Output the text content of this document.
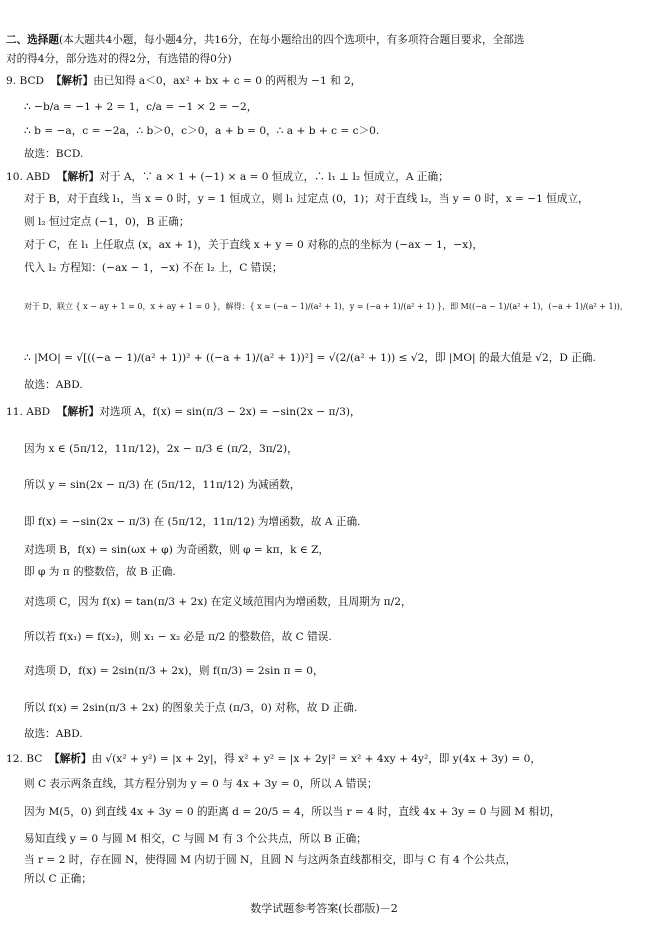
二、选择题(本大题共4小题，每小题4分，共16分，在每小题给出的四个选项中，有多项符合题目要求，全部选
对的得4分，部分选对的得2分，有选错的得0分)
9. BCD 【解析】由已知得 a＜0，ax² + bx + c = 0 的两根为 −1 和 2，
∴ −b/a = −1 + 2 = 1，c/a = −1 × 2 = −2，
∴ b = −a，c = −2a，∴ b＞0，c＞0，a + b = 0，∴ a + b + c = c＞0.
故选：BCD.
10. ABD 【解析】对于 A，∵ a × 1 + (−1) × a = 0 恒成立，∴ l₁ ⊥ l₂ 恒成立，A 正确；
对于 B，对于直线 l₁，当 x = 0 时，y = 1 恒成立，则 l₁ 过定点 (0，1)；对于直线 l₂，当 y = 0 时，x = −1 恒成立，
则 l₂ 恒过定点 (−1，0)，B 正确；
对于 C，在 l₁ 上任取点 (x，ax + 1)，关于直线 x + y = 0 对称的点的坐标为 (−ax − 1，−x)，
代入 l₂ 方程知：(−ax − 1，−x) 不在 l₂ 上，C 错误；
对于 D，联立 { x − ay + 1 = 0，x + ay + 1 = 0 }，解得：{ x = (−a − 1)/(a² + 1)，y = (−a + 1)/(a² + 1) }，即 M((−a − 1)/(a² + 1)，(−a + 1)/(a² + 1))，
∴ |MO| = √[((−a − 1)/(a² + 1))² + ((−a + 1)/(a² + 1))²] = √(2/(a² + 1)) ≤ √2，即 |MO| 的最大值是 √2，D 正确.
故选：ABD.
11. ABD 【解析】对选项 A，f(x) = sin(π/3 − 2x) = −sin(2x − π/3)，
因为 x ∈ (5π/12，11π/12)，2x − π/3 ∈ (π/2，3π/2)，
所以 y = sin(2x − π/3) 在 (5π/12，11π/12) 为减函数，
即 f(x) = −sin(2x − π/3) 在 (5π/12，11π/12) 为增函数，故 A 正确.
对选项 B，f(x) = sin(ωx + φ) 为奇函数，则 φ = kπ，k ∈ Z，
即 φ 为 π 的整数倍，故 B 正确.
对选项 C，因为 f(x) = tan(π/3 + 2x) 在定义域范围内为增函数，且周期为 π/2，
所以若 f(x₁) = f(x₂)，则 x₁ − x₂ 必是 π/2 的整数倍，故 C 错误.
对选项 D，f(x) = 2sin(π/3 + 2x)，则 f(π/3) = 2sin π = 0，
所以 f(x) = 2sin(π/3 + 2x) 的图象关于点 (π/3，0) 对称，故 D 正确.
故选：ABD.
12. BC 【解析】由 √(x² + y²) = |x + 2y|，得 x² + y² = |x + 2y|² = x² + 4xy + 4y²，即 y(4x + 3y) = 0，
则 C 表示两条直线，其方程分别为 y = 0 与 4x + 3y = 0，所以 A 错误；
因为 M(5，0) 到直线 4x + 3y = 0 的距离 d = 20/5 = 4，所以当 r = 4 时，直线 4x + 3y = 0 与圆 M 相切，
易知直线 y = 0 与圆 M 相交，C 与圆 M 有 3 个公共点，所以 B 正确；
当 r = 2 时，存在圆 N，使得圆 M 内切于圆 N，且圆 N 与这两条直线都相交，即与 C 有 4 个公共点，
所以 C 正确；
数学试题参考答案(长郡版)－2
